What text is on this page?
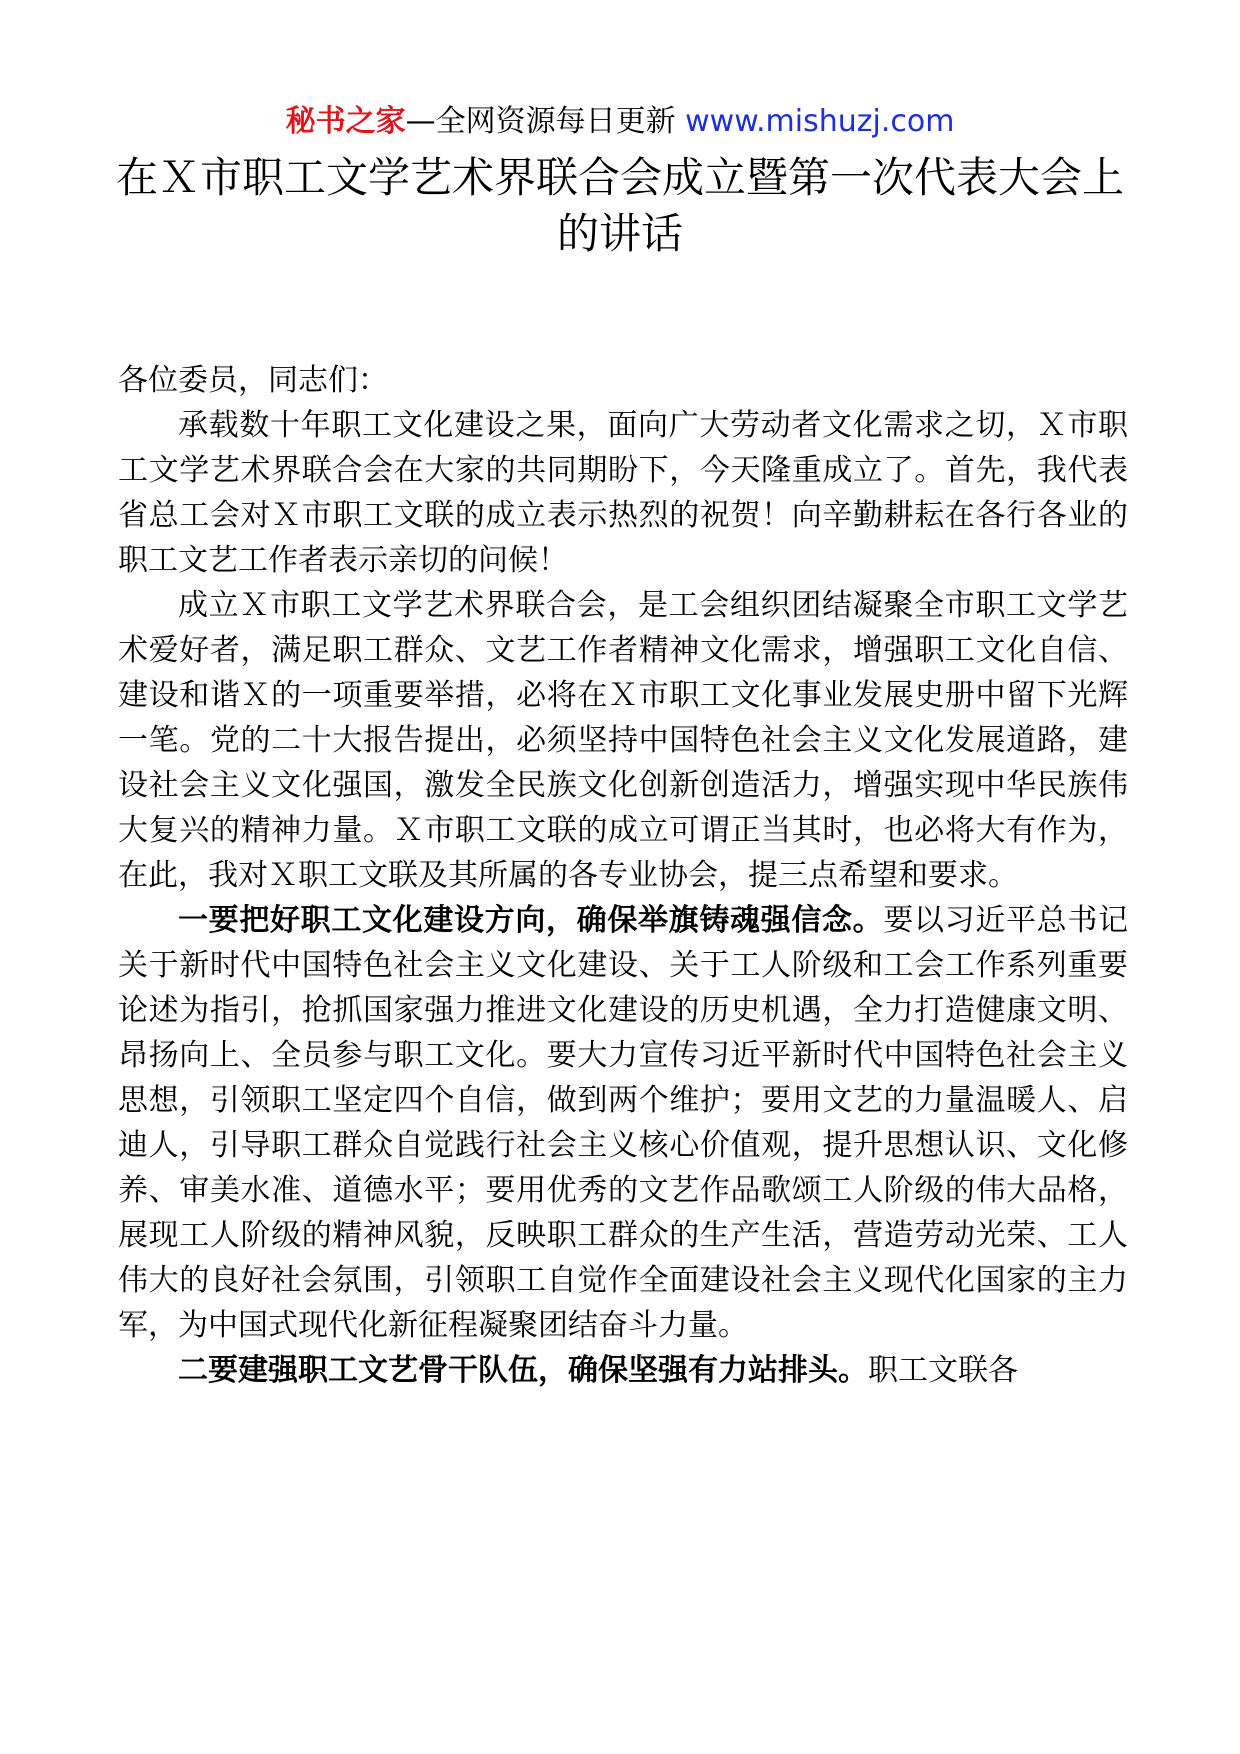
秘书之家—全网资源每日更新 www.mishuzj.com
在Ｘ市职工文学艺术界联合会成立暨第一次代表大会上的讲话

各位委员，同志们：

承载数十年职工文化建设之果，面向广大劳动者文化需求之切，Ｘ市职工文学艺术界联合会在大家的共同期盼下，今天隆重成立了。首先，我代表省总工会对Ｘ市职工文联的成立表示热烈的祝贺！向辛勤耕耘在各行各业的职工文艺工作者表示亲切的问候！

成立Ｘ市职工文学艺术界联合会，是工会组织团结凝聚全市职工文学艺术爱好者，满足职工群众、文艺工作者精神文化需求，增强职工文化自信、建设和谐Ｘ的一项重要举措，必将在Ｘ市职工文化事业发展史册中留下光辉一笔。党的二十大报告提出，必须坚持中国特色社会主义文化发展道路，建设社会主义文化强国，激发全民族文化创新创造活力，增强实现中华民族伟大复兴的精神力量。Ｘ市职工文联的成立可谓正当其时，也必将大有作为，在此，我对Ｘ职工文联及其所属的各专业协会，提三点希望和要求。

一要把好职工文化建设方向，确保举旗铸魂强信念。要以习近平总书记关于新时代中国特色社会主义文化建设、关于工人阶级和工会工作系列重要论述为指引，抢抓国家强力推进文化建设的历史机遇，全力打造健康文明、昂扬向上、全员参与职工文化。要大力宣传习近平新时代中国特色社会主义思想，引领职工坚定四个自信，做到两个维护；要用文艺的力量温暖人、启迪人，引导职工群众自觉践行社会主义核心价值观，提升思想认识、文化修养、审美水准、道德水平；要用优秀的文艺作品歌颂工人阶级的伟大品格，展现工人阶级的精神风貌，反映职工群众的生产生活，营造劳动光荣、工人伟大的良好社会氛围，引领职工自觉作全面建设社会主义现代化国家的主力军，为中国式现代化新征程凝聚团结奋斗力量。

二要建强职工文艺骨干队伍，确保坚强有力站排头。职工文联各
